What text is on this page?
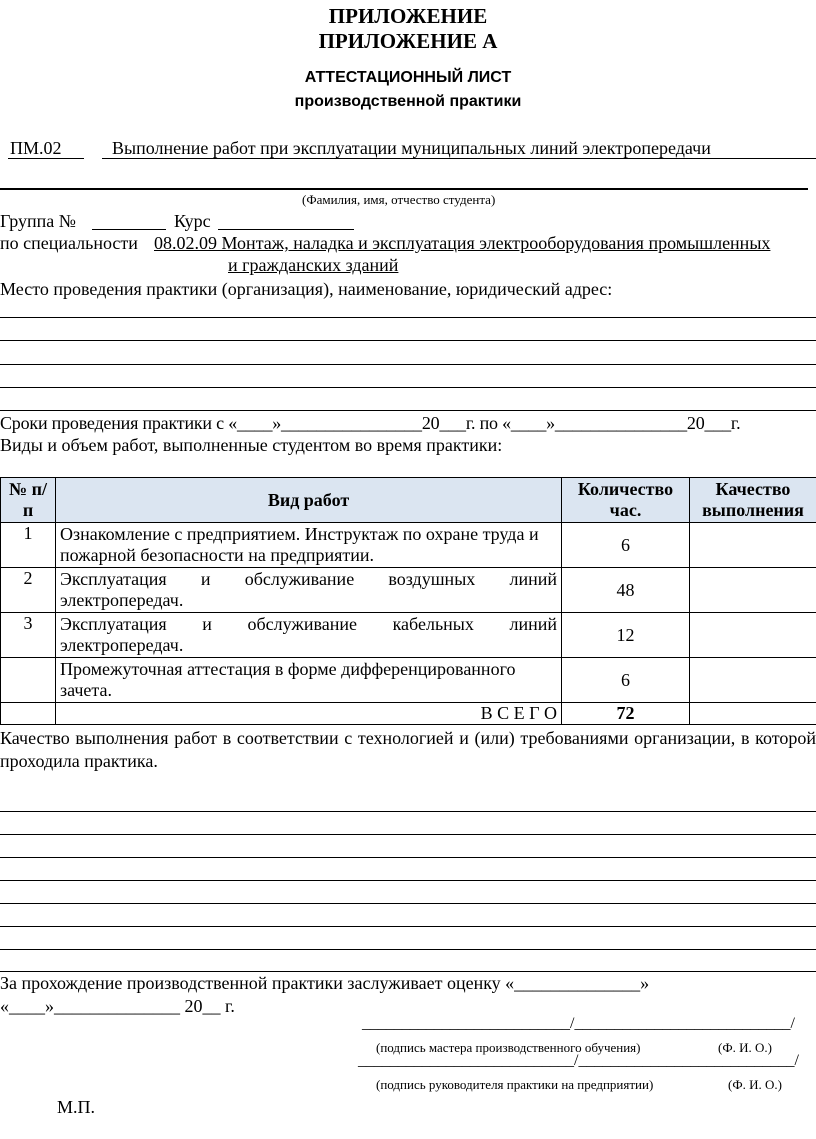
ПРИЛОЖЕНИЕ
ПРИЛОЖЕНИЕ А
АТТЕСТАЦИОННЫЙ ЛИСТ
производственной практики
ПМ.02	Выполнение работ при эксплуатации муниципальных линий электропередачи
(Фамилия, имя, отчество студента)
Группа №	Курс
по специальности 08.02.09 Монтаж, наладка и эксплуатация электрооборудования промышленных
и гражданских зданий
Место проведения практики (организация), наименование, юридический адрес:
Сроки проведения практики с «____»________________20___г. по «____»_______________20___г.
Виды и объем работ, выполненные студентом во время практики:
№ п/п	Вид работ	Количество час.	Качество выполнения
1	Ознакомление с предприятием. Инструктаж по охране труда и пожарной безопасности на предприятии.	6	
2	Эксплуатация и обслуживание воздушных линий электропередач.	48	
3	Эксплуатация и обслуживание кабельных линий электропередач.	12	
	Промежуточная аттестация в форме дифференцированного зачета.	6	
	В С Е Г О	72	
Качество выполнения работ в соответствии с технологией и (или) требованиями организации, в которой проходила практика.
За прохождение производственной практики заслуживает оценку «______________»
«____»______________ 20__ г.
__________________________/___________________________/
(подпись мастера производственного обучения)	(Ф. И. О.)
___________________________/___________________________/
(подпись руководителя практики на предприятии)	(Ф. И. О.)
М.П.
